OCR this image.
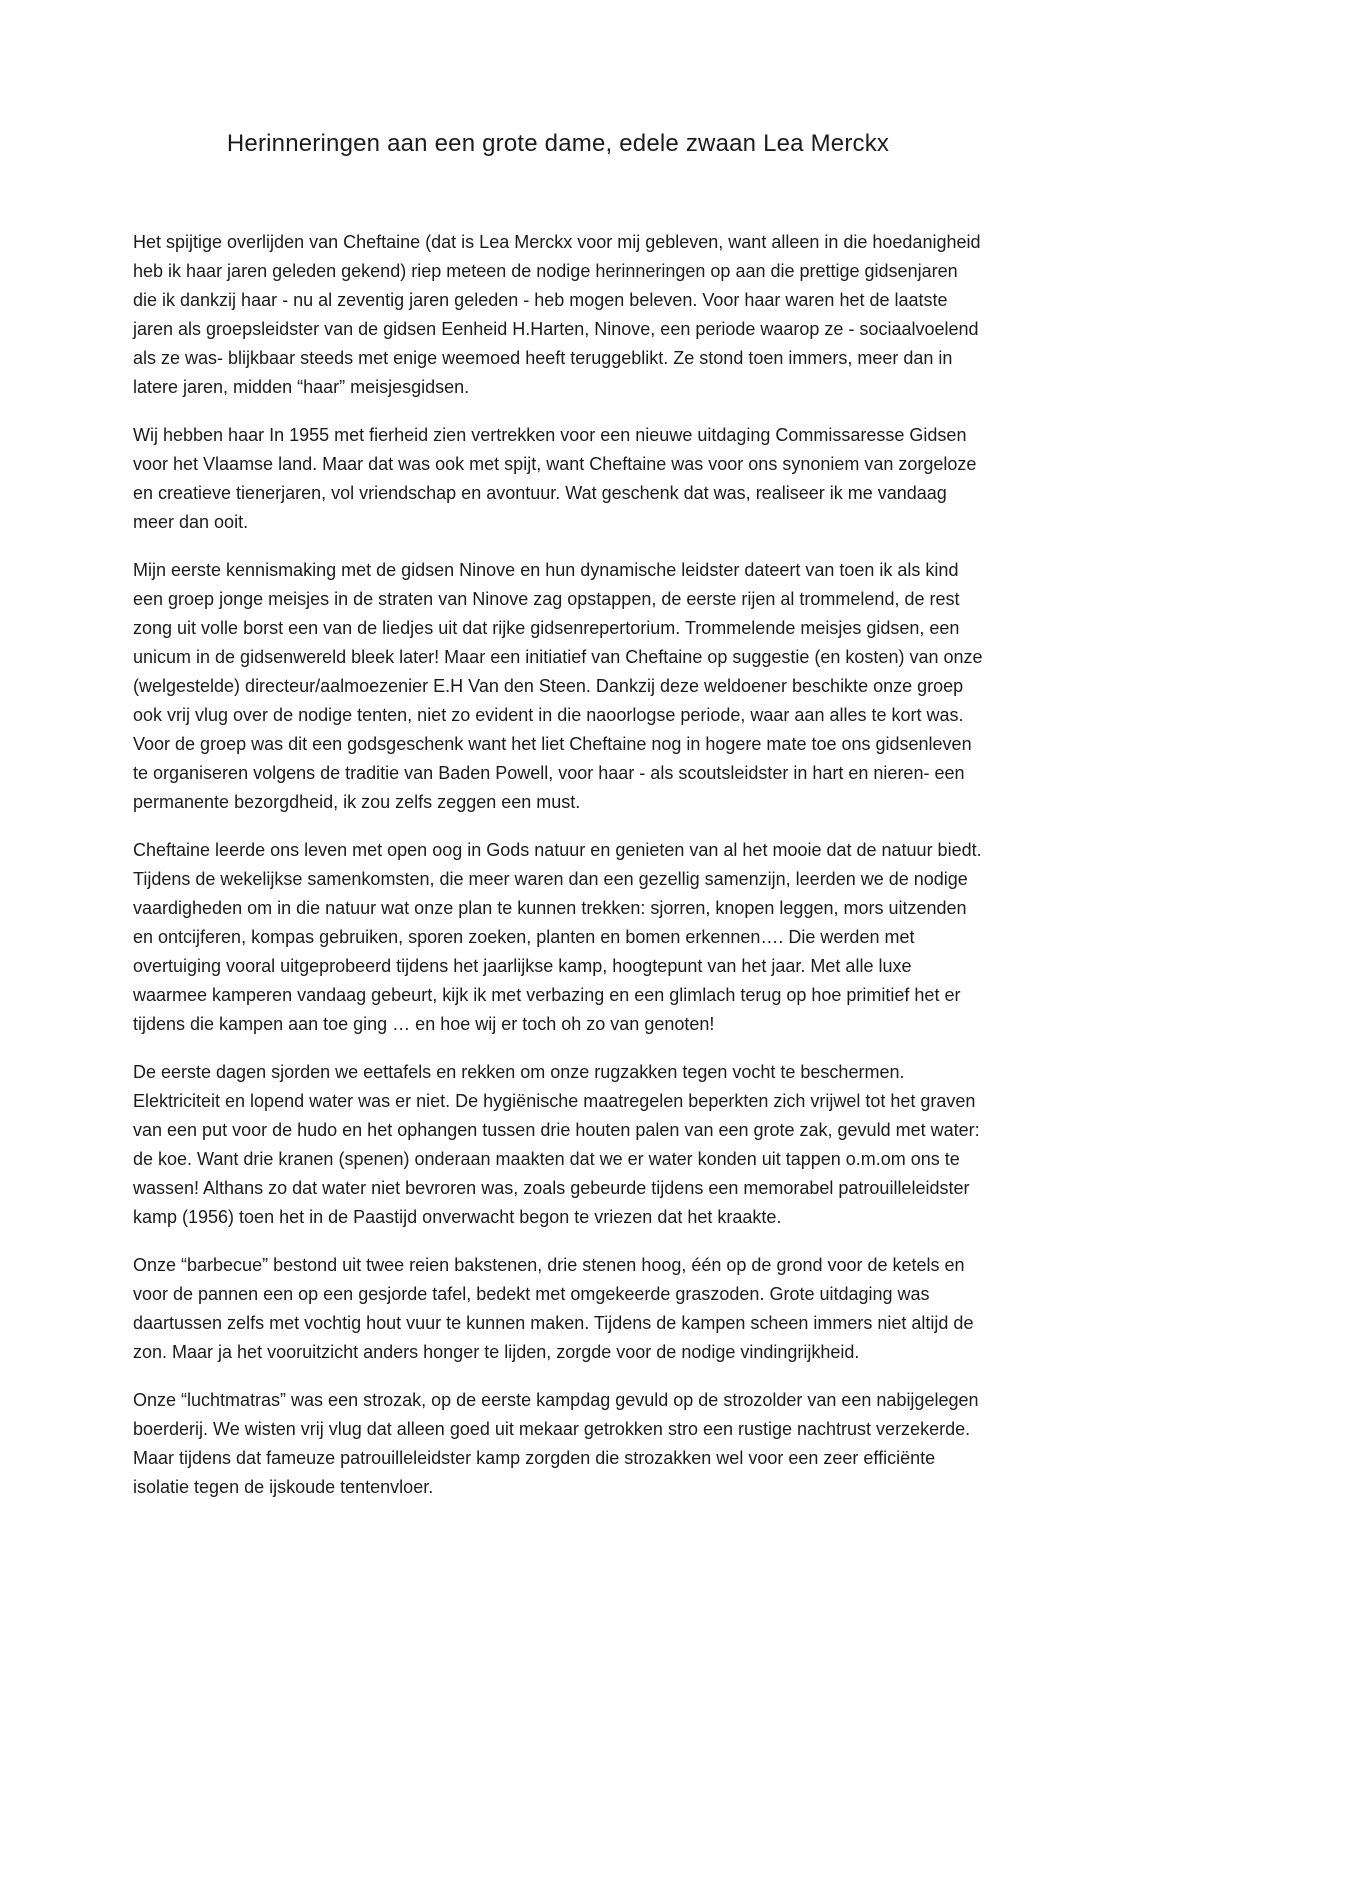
Herinneringen aan een grote dame, edele zwaan Lea Merckx

Het spijtige overlijden van Cheftaine (dat is Lea Merckx voor mij gebleven, want alleen in die hoedanigheid heb ik haar jaren geleden gekend) riep meteen de nodige herinneringen op aan die prettige gidsenjaren die ik dankzij haar - nu al zeventig jaren geleden - heb mogen beleven. Voor haar waren het de laatste jaren als groepsleidster van de gidsen Eenheid H.Harten, Ninove, een periode waarop ze - sociaalvoelend als ze was- blijkbaar steeds met enige weemoed heeft teruggeblikt. Ze stond toen immers, meer dan in latere jaren, midden “haar” meisjesgidsen.

Wij hebben haar In 1955 met fierheid zien vertrekken voor een nieuwe uitdaging Commissaresse Gidsen voor het Vlaamse land. Maar dat was ook met spijt, want Cheftaine was voor ons synoniem van zorgeloze en creatieve tienerjaren, vol vriendschap en avontuur. Wat geschenk dat was, realiseer ik me vandaag meer dan ooit.

Mijn eerste kennismaking met de gidsen Ninove en hun dynamische leidster dateert van toen ik als kind een groep jonge meisjes in de straten van Ninove zag opstappen, de eerste rijen al trommelend, de rest zong uit volle borst een van de liedjes uit dat rijke gidsenrepertorium. Trommelende meisjes gidsen, een unicum in de gidsenwereld bleek later! Maar een initiatief van Cheftaine op suggestie (en kosten) van onze (welgestelde) directeur/aalmoezenier E.H Van den Steen. Dankzij deze weldoener beschikte onze groep ook vrij vlug over de nodige tenten, niet zo evident in die naoorlogse periode, waar aan alles te kort was. Voor de groep was dit een godsgeschenk want het liet Cheftaine nog in hogere mate toe ons gidsenleven te organiseren volgens de traditie van Baden Powell, voor haar - als scoutsleidster in hart en nieren- een permanente bezorgdheid, ik zou zelfs zeggen een must.

Cheftaine leerde ons leven met open oog in Gods natuur en genieten van al het mooie dat de natuur biedt. Tijdens de wekelijkse samenkomsten, die meer waren dan een gezellig samenzijn, leerden we de nodige vaardigheden om in die natuur wat onze plan te kunnen trekken: sjorren, knopen leggen, mors uitzenden en ontcijferen, kompas gebruiken, sporen zoeken, planten en bomen erkennen…. Die werden met overtuiging vooral uitgeprobeerd tijdens het jaarlijkse kamp, hoogtepunt van het jaar. Met alle luxe waarmee kamperen vandaag gebeurt, kijk ik met verbazing en een glimlach terug op hoe primitief het er tijdens die kampen aan toe ging … en hoe wij er toch oh zo van genoten!

De eerste dagen sjorden we eettafels en rekken om onze rugzakken tegen vocht te beschermen. Elektriciteit en lopend water was er niet. De hygiënische maatregelen beperkten zich vrijwel tot het graven van een put voor de hudo en het ophangen tussen drie houten palen van een grote zak, gevuld met water: de koe. Want drie kranen (spenen) onderaan maakten dat we er water konden uit tappen o.m.om ons te wassen! Althans zo dat water niet bevroren was, zoals gebeurde tijdens een memorabel patrouilleleidster kamp (1956) toen het in de Paastijd onverwacht begon te vriezen dat het kraakte.

Onze “barbecue” bestond uit twee reien bakstenen, drie stenen hoog, één op de grond voor de ketels en voor de pannen een op een gesjorde tafel, bedekt met omgekeerde graszoden. Grote uitdaging was daartussen zelfs met vochtig hout vuur te kunnen maken. Tijdens de kampen scheen immers niet altijd de zon. Maar ja het vooruitzicht anders honger te lijden, zorgde voor de nodige vindingrijkheid.

Onze “luchtmatras” was een strozak, op de eerste kampdag gevuld op de strozolder van een nabijgelegen boerderij. We wisten vrij vlug dat alleen goed uit mekaar getrokken stro een rustige nachtrust verzekerde. Maar tijdens dat fameuze patrouilleleidster kamp zorgden die strozakken wel voor een zeer efficiënte isolatie tegen de ijskoude tentenvloer.
